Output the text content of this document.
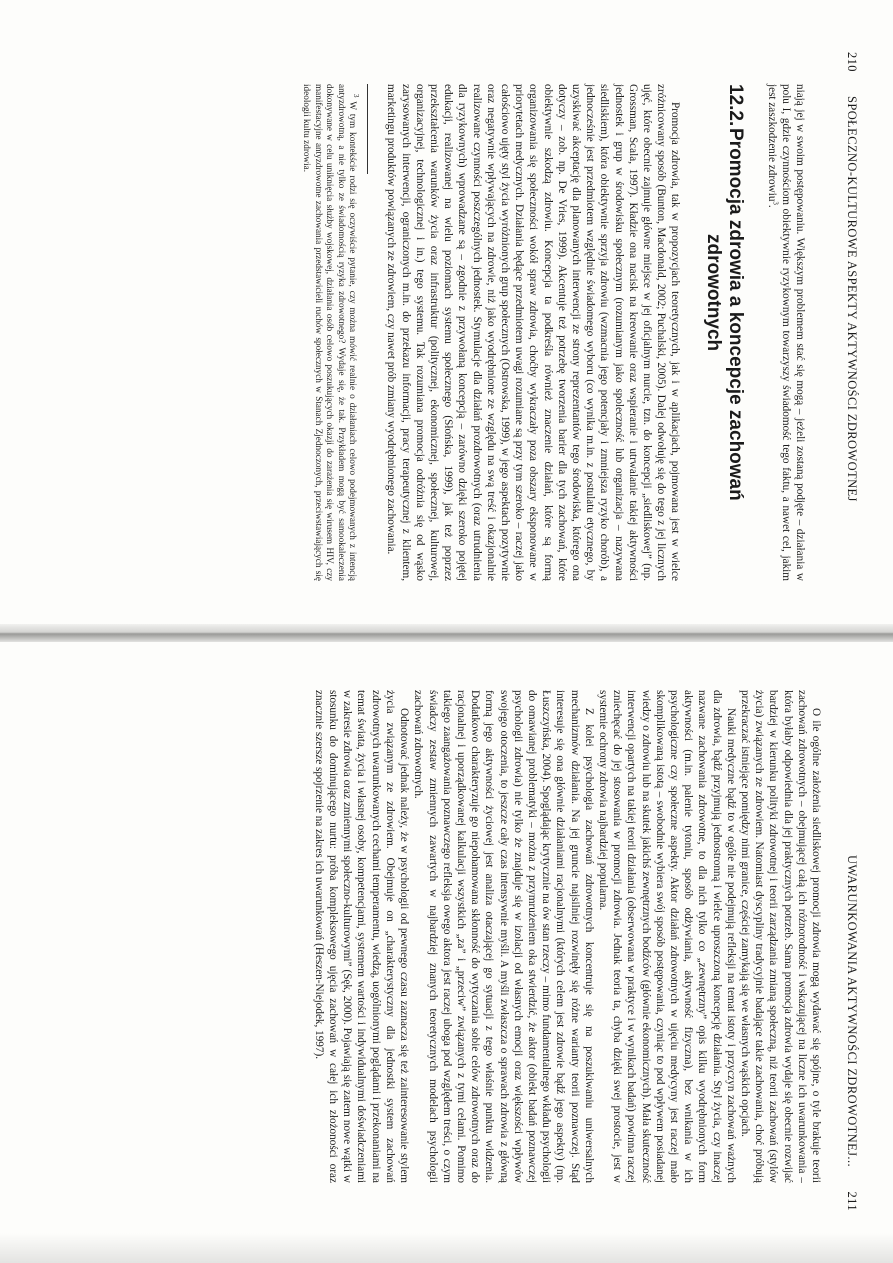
210
SPOŁECZNO-KULTUROWE ASPEKTY AKTYWNOŚCI ZDROWOTNEJ

niają jej w swoim postępowaniu. Większym problemem stać się mogą – jeżeli zostaną podjęte – działania w polu I, gdzie czynnościom obiektywnie ryzykownym towarzyszy świadomość tego faktu, a nawet cel, jakim jest zaszkodzenie zdrowiu$^3$.

12.2.Promocja zdrowia a koncepcje zachowań
zdrowotnych

Promocja zdrowia, tak w propozycjach teoretycznych, jak i w aplikacjach, pojmowana jest w wielce zróżnicowany sposób (Bunton, Macdonald, 2002; Puchalski, 2005). Dalej odwołuję się do tego z jej licznych ujęć, które obecnie zajmuje główne miejsce w jej oficjalnym nurcie, tzn. do koncepcji „siedliskowej” (np. Grossman, Scala, 1997). Kładzie ona nacisk na kreowanie oraz wspieranie i utrwalanie takiej aktywności jednostek i grup w środowisku społecznym (rozumianym jako spoleczność lub organizacja – nazywana siedliskiem), która obiektywnie sprzyja zdrowiu (wzmacnia jego potencjały i zmniejsza ryzyko chorób), a jednocześnie jest przedmiotem względnie świadomego wyboru (co wynika m.in. z postulatu etycznego, by uzyskiwać akceptację dla planowanych interwencji ze strony reprezentantów tego środowiska, którego ona dotyczy – zob. np. De Vries, 1999). Akcentuje też potrzebę tworzenia barier dla tych zachowań, które obiektywnie szkodzą zdrowiu. Koncepcja ta podkreśla również znaczenie działań, które są formą organizowania się społeczności wokół spraw zdrowia, choćby wykraczały poza obszary eksponowane w priorytetach medycznych. Działania będące przedmiotem uwagi rozumiane są przy tym szeroko – raczej jako całościowo ujęty styl życia wyróżnionych grup społecznych (Ostrowska, 1999), w jego aspektach pozytywnie oraz negatywnie wpływających na zdrowie, niż jako wyodrębnione ze względu na swą treść i okazjonalnie realizowane czynności poszczególnych jednostek. Stymulacje dla działań prozdrowotnych (oraz utrudnienia dla ryzykownych) wprowadzane są – zgodnie z przywołaną koncepcją – zarówno dzięki szeroko pojętej edukacji, realizowanej na wielu poziomach systemu społecznego (Słońska, 1999), jak też poprzez przekształcenia warunków życia oraz infrastruktur (politycznej, ekonomicznej, społecznej, kulturowej, organizacyjnej, technologicznej i in.) tego systemu. Tak rozumiana promocja odróżnia się od wąsko zarysowanych interwencji, ograniczonych m.in. do przekazu informacji, pracy terapeutycznej z klientem, marketingu produktów powiązanych ze zdrowiem, czy nawet prób zmiany wyodrębnionego zachowania.

$^3$ W tym kontekście rodzi się oczywiście pytanie, czy można mówić realnie o działaniach celowo podejmowanych z intencją antyzdrowotną, a nie tylko ze świadomością ryzyka zdrowotnego? Wydaje się, że tak. Przykładem mogą być samookaleczenia dokonywane w celu uniknięcia służby wojskowej, działania osób celowo poszukujących okazji do zarażenia się wirusem HIV, czy manifestacyjne antyzdrowotne zachowania przedstawicieli ruchów społecznych w Stanach Zjednoczonych, przeciwstawiających się ideologii kultu zdrowia.
UWARUNKOWANIA AKTYWNOŚCI ZDROWOTNEJ...
211

O ile ogólne założenia siedliskowej promocji zdrowia mogą wydawać się spójne, o tyle brakuje teorii zachowań zdrowotnych – obejmującej całą ich różnorodność i wskazującej na liczne ich uwarunkowania – która byłaby odpowiednia dla jej praktycznych potrzeb. Sama promocja zdrowia wydaje się obecnie rozwijać bardziej w kierunku polityki zdrowotnej i teorii zarządzania zmianą społeczną, niż teorii zachowań (stylów życia) związanych ze zdrowiem. Natomiast dyscypliny tradycyjnie badające takie zachowania, choć próbują przekraczać istniejące pomiędzy nimi granice, częściej zamykają się we własnych wąskich opcjach.

Nauki medyczne bądź to w ogóle nie podejmują refleksji na temat istoty i przyczyn zachowań ważnych dla zdrowia, bądź przyjmują jednostronną i wielce uproszczoną koncepcję działania. Styl życia, czy inaczej nazwane zachowania zdrowotne, to dla nich tylko co „zewnętrzny” opis kilku wyodrębnionych form aktywności (m.in. palenie tytoniu, sposób odżywiania, aktywność fizyczna), bez wnikania w ich psychologiczne czy społeczne aspekty. Aktor działań zdrowotnych w ujęciu medycyny jest raczej mało skomplikowaną istotą – swobodnie wybiera swój sposób postępowania, czyniąc to pod wpływem posiadanej wiedzy o zdrowiu lub na skutek jakichś zewnętrznych bodźców (głównie ekonomicznych). Mała skuteczność interwencji opartych na takiej teorii działania (obserwowana w praktyce i w wynikach badań) powinna raczej zniechęcać do jej stosowania w promocji zdrowia. Jednak teoria ta, chyba dzięki swej prostocie, jest w systemie ochrony zdrowia najbardziej popularna.

Z kolei psychologia zachowań zdrowotnych koncentruje się na poszukiwaniu uniwersalnych mechanizmów działania. Na jej gruncie najsilniej rozwinęły się różne warianty teorii poznawczej. Stąd interesuje się ona głównie działaniami racjonalnymi (których celem jest zdrowie bądź jego aspekty) (np. Łuszczyńska, 2004). Spoglądając krytycznie na ów stan rzeczy – mimo fundamentalnego wkładu psychologii do omawianej problematyki – można z przymrużeniem oka stwierdzić, że aktor (obiekt badań poznawczej psychologii zdrowia) nie tylko że znajduje się w izolacji od własnych emocji oraz większości wpływów swojego otoczenia, to jeszcze cały czas intensywnie myśli. A myśli zwłaszcza o sprawach zdrowia z główną formą jego aktywności życiowej jest analiza otaczającej go sytuacji z tego właśnie punktu widzenia. Dodatkowo charakteryzuje go niepohamowana skłonność do wytyczania sobie celów zdrowotnych oraz do racjonalnej i uporządkowanej kalkulacji wszystkich „za” i „przeciw” związanych z tymi celami. Pomimo takiego zaangażowania poznawczego refleksja owego aktora jest raczej uboga pod względem treści, o czym świadczy zestaw zmiennych zawartych w najbardziej znanych teoretycznych modelach psychologii zachowań zdrowotnych.

Odnotować jednak należy, że w psychologii od pewnego czasu zaznacza się też zainteresowanie stylem życia związanym ze zdrowiem. Obejmuje on „charakterystyczny dla jednostki system zachowań zdrowotnych uwarunkowanych cechami temperamentu, wiedzą, uogólnionymi poglądami i przekonaniami na temat świata, życia i własnej osoby, kompetencjami, systemem wartości i indywidualnymi doświadczeniami w zakresie zdrowia oraz zmiennymi społeczno-kulturowymi” (Sęk, 2000). Pojawiają się zatem nowe wątki w stosunku do dominującego nurtu: próba kompleksowego ujęcia zachowań w całej ich złożoności oraz znacznie szersze spojrzenie na zakres ich uwarunkowań (Heszen-Niejodek, 1997).
